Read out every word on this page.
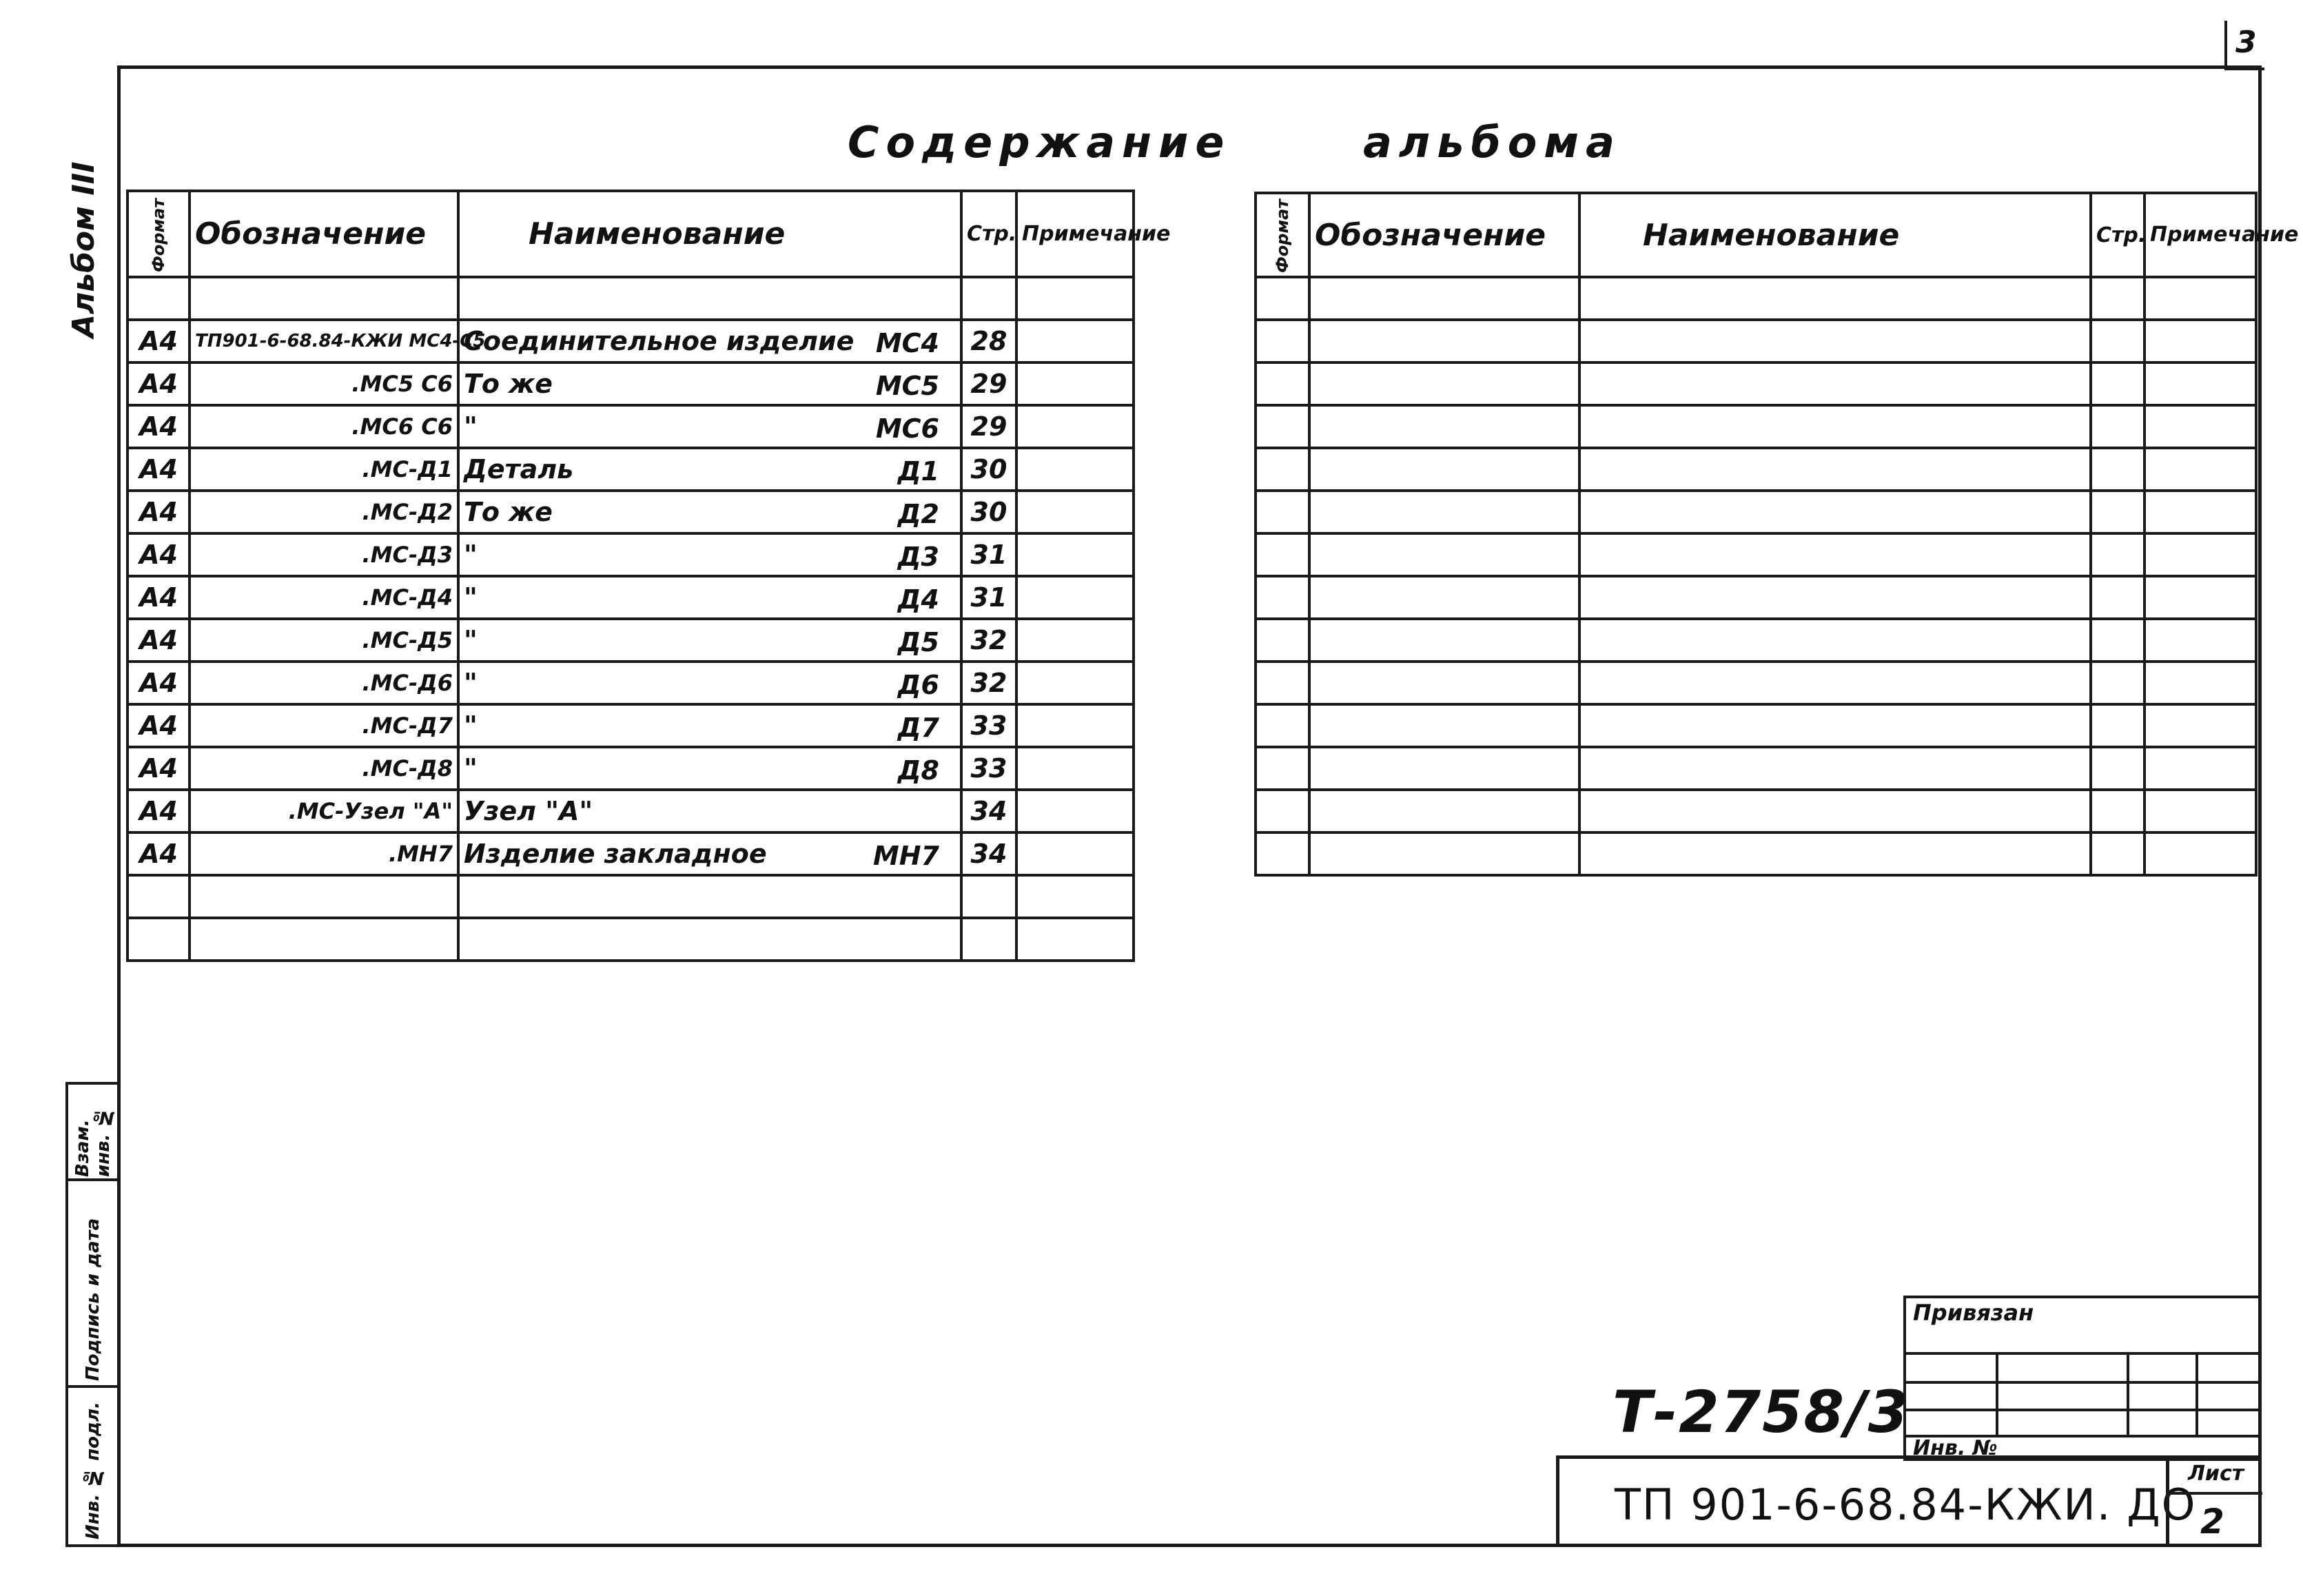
3
Альбом III
Содержание	альбома
Формат	Обозначение	Наименование	Стр.	Примечание

А4	ТП901-6-68.84-КЖИ МС4-С5	Соединительное изделие МС4	28	
А4	.МС5 С6	То же МС5	29	
А4	.МС6 С6	" МС6	29	
А4	.МС-Д1	Деталь Д1	30	
А4	.МС-Д2	То же Д2	30	
А4	.МС-Д3	" Д3	31	
А4	.МС-Д4	" Д4	31	
А4	.МС-Д5	" Д5	32	
А4	.МС-Д6	" Д6	32	
А4	.МС-Д7	" Д7	33	
А4	.МС-Д8	" Д8	33	
А4	.МС-Узел "А"	Узел "А"	34	
А4	.МН7	Изделие закладное МН7	34	

Формат	Обозначение	Наименование	Стр.	Примечание

Взам. инв. №
Подпись и дата
Инв. № подл.	Т-2758/3
Привязан
Инв. №
ТП 901-6-68.84-КЖИ. ДО
Лист
2
